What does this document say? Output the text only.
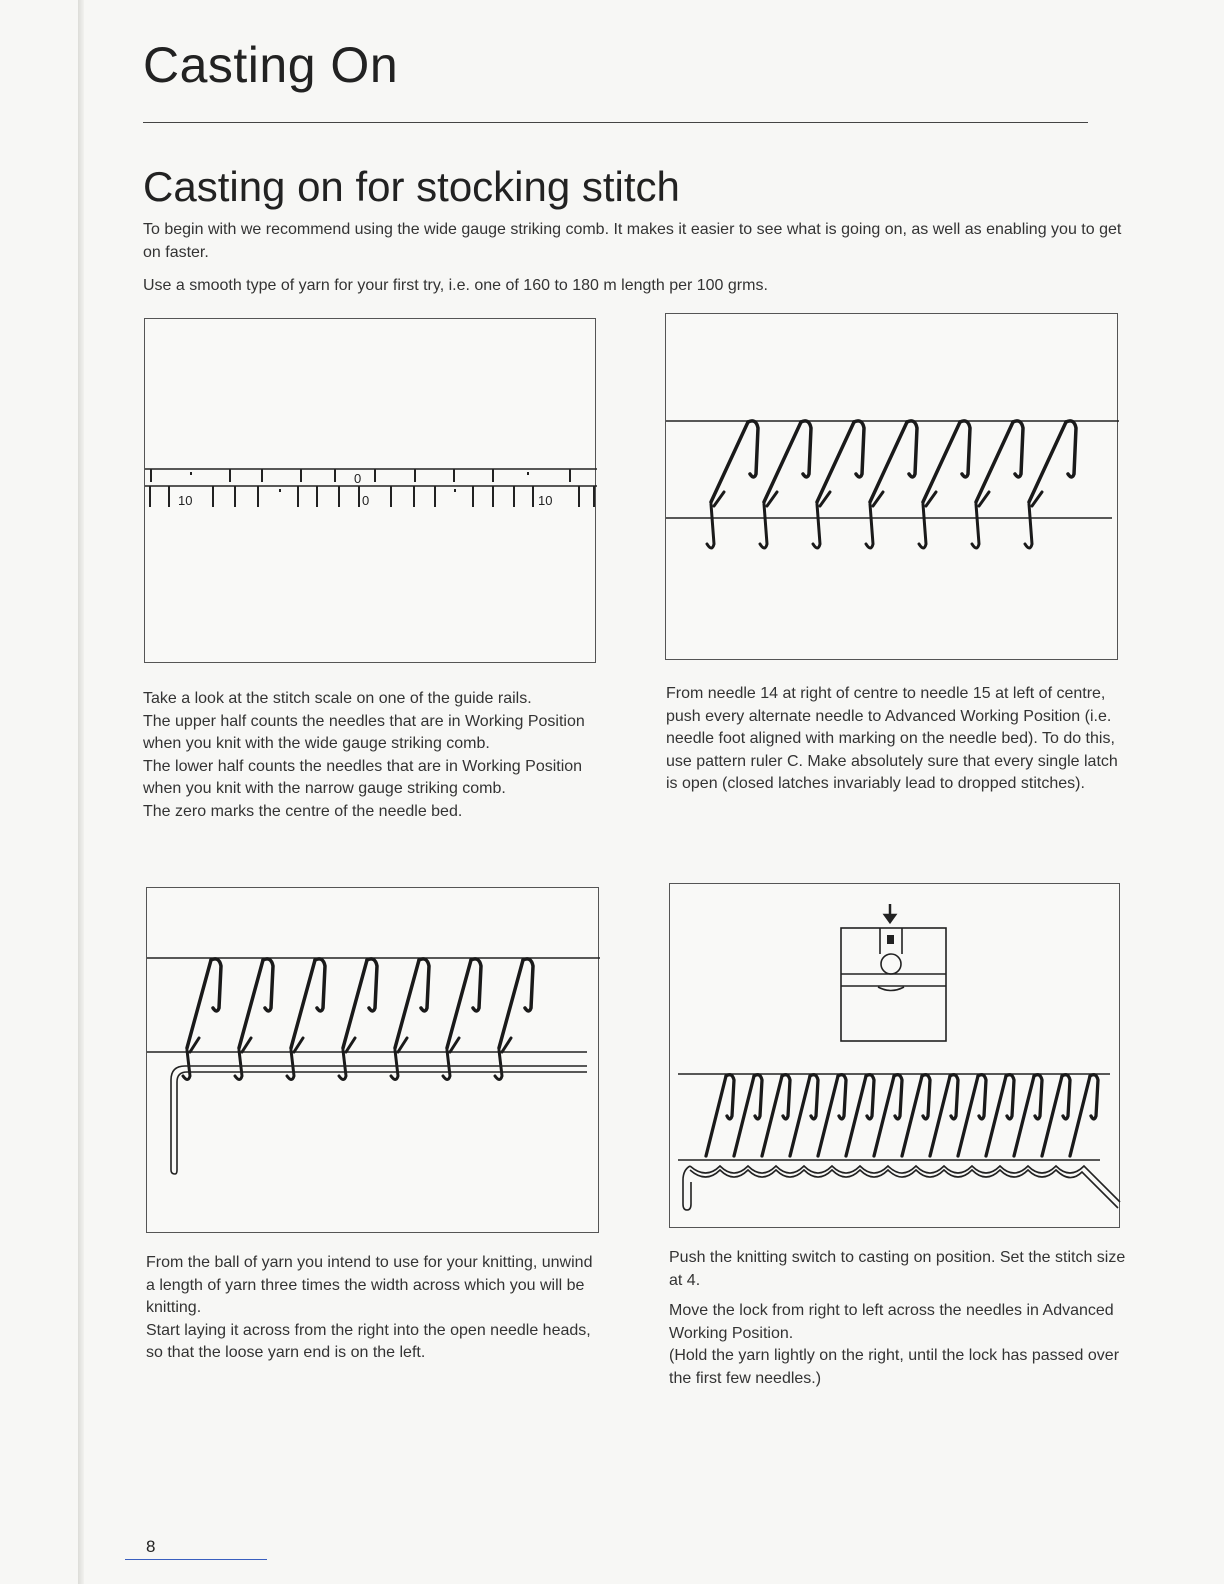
Casting On
Casting on for stocking stitch

To begin with we recommend using the wide gauge striking comb. It makes it easier to see what is going on, as well as enabling you to get on faster.

Use a smooth type of yarn for your first try, i.e. one of 160 to 180 m length per 100 grms.

0
10	0	10

Take a look at the stitch scale on one of the guide rails.

The upper half counts the needles that are in Working Position when you knit with the wide gauge striking comb.

The lower half counts the needles that are in Working Position when you knit with the narrow gauge striking comb.

The zero marks the centre of the needle bed.

From needle 14 at right of centre to needle 15 at left of centre, push every alternate needle to Advanced Working Position (i.e. needle foot aligned with marking on the needle bed). To do this, use pattern ruler C. Make absolutely sure that every single latch is open (closed latches invariably lead to dropped stitches).

From the ball of yarn you intend to use for your knitting, unwind a length of yarn three times the width across which you will be knitting.

Start laying it across from the right into the open needle heads, so that the loose yarn end is on the left.

Push the knitting switch to casting on position. Set the stitch size at 4.

Move the lock from right to left across the needles in Advanced Working Position.

(Hold the yarn lightly on the right, until the lock has passed over the first few needles.)

8
